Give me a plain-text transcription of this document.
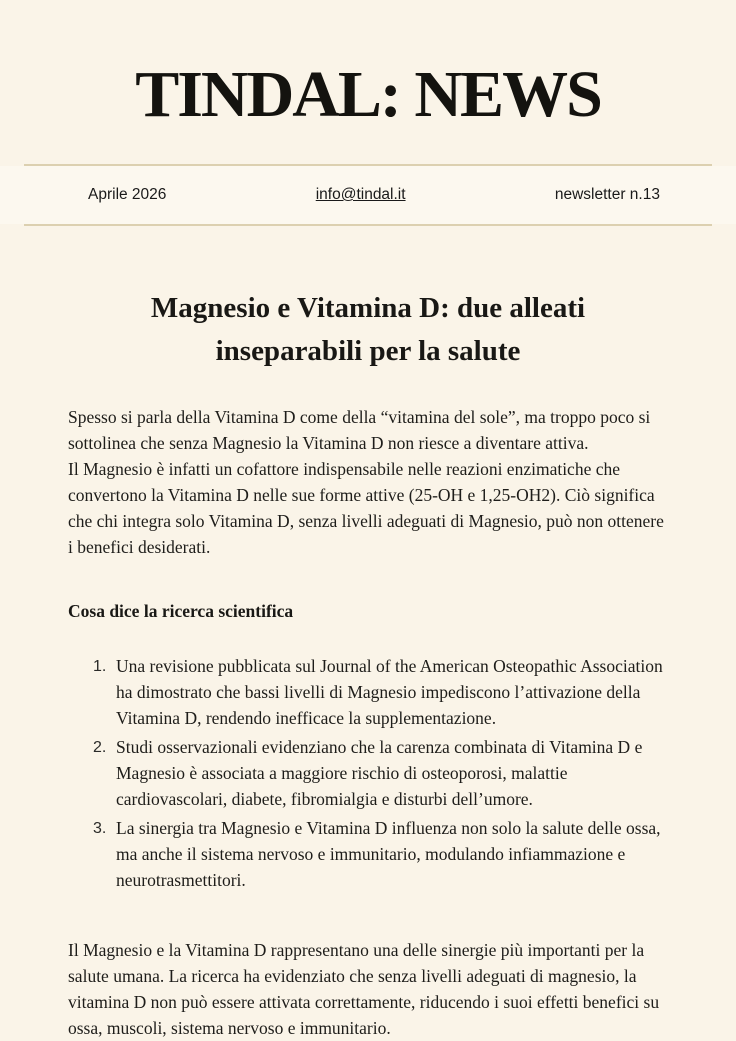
TINDAL: NEWS
Aprile 2026	info@tindal.it	newsletter n.13
Magnesio e Vitamina D: due alleati inseparabili per la salute

Spesso si parla della Vitamina D come della “vitamina del sole”, ma troppo poco si sottolinea che senza Magnesio la Vitamina D non riesce a diventare attiva.
Il Magnesio è infatti un cofattore indispensabile nelle reazioni enzimatiche che convertono la Vitamina D nelle sue forme attive (25-OH e 1,25-OH2). Ciò significa che chi integra solo Vitamina D, senza livelli adeguati di Magnesio, può non ottenere i benefici desiderati.

Cosa dice la ricerca scientifica
1. Una revisione pubblicata sul Journal of the American Osteopathic Association ha dimostrato che bassi livelli di Magnesio impediscono l’attivazione della Vitamina D, rendendo inefficace la supplementazione.
2. Studi osservazionali evidenziano che la carenza combinata di Vitamina D e Magnesio è associata a maggiore rischio di osteoporosi, malattie cardiovascolari, diabete, fibromialgia e disturbi dell’umore.
3. La sinergia tra Magnesio e Vitamina D influenza non solo la salute delle ossa, ma anche il sistema nervoso e immunitario, modulando infiammazione e neurotrasmettitori.

Il Magnesio e la Vitamina D rappresentano una delle sinergie più importanti per la salute umana. La ricerca ha evidenziato che senza livelli adeguati di magnesio, la vitamina D non può essere attivata correttamente, riducendo i suoi effetti benefici su ossa, muscoli, sistema nervoso e immunitario.
